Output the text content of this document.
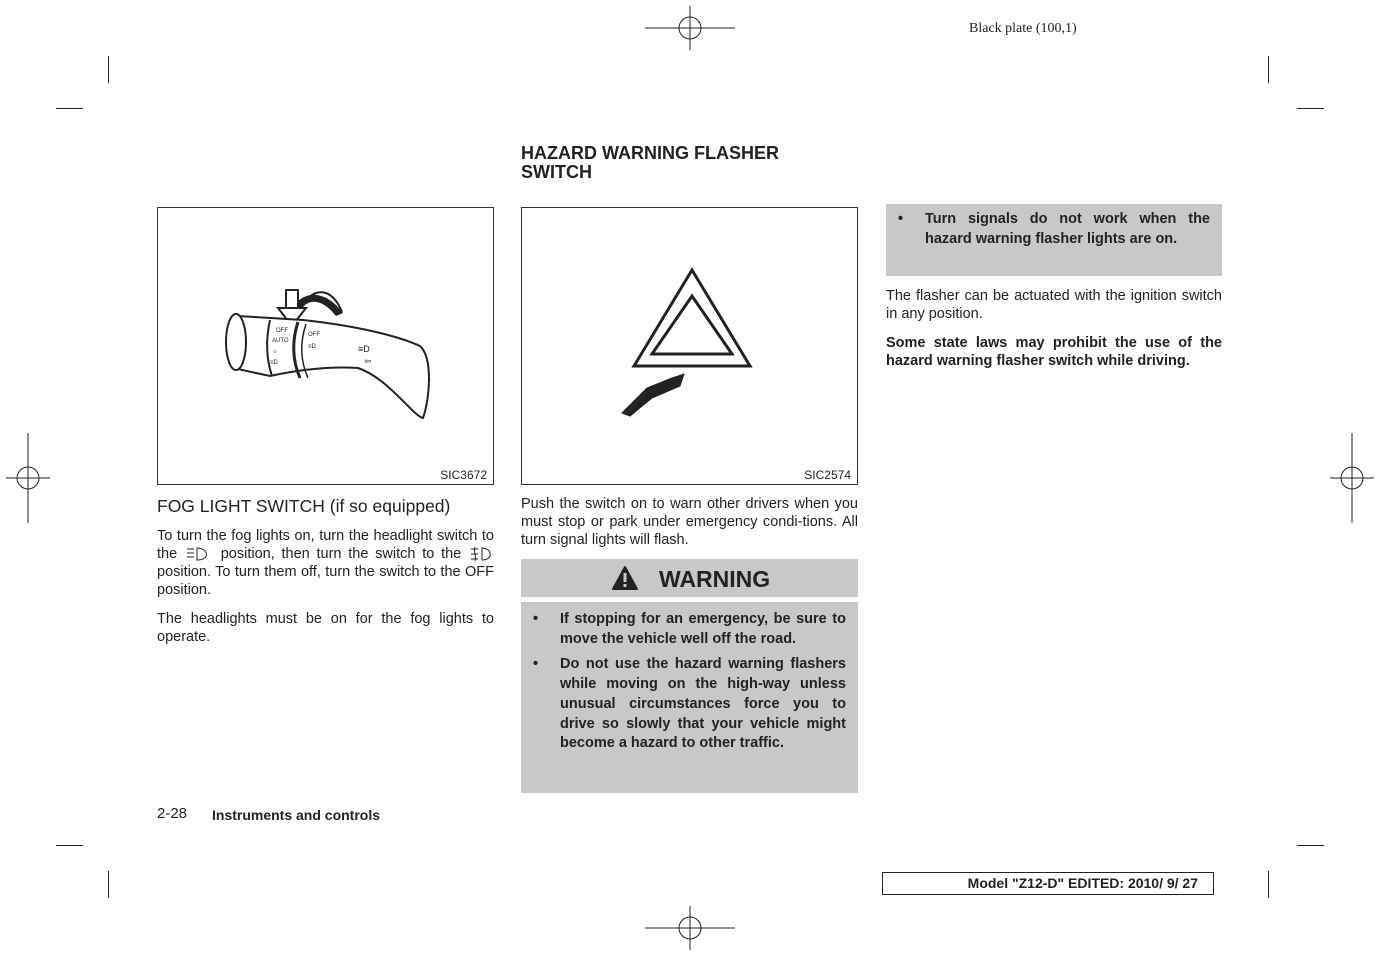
Black plate (100,1)
HAZARD WARNING FLASHER
SWITCH
OFF
AUTO
OFF
☼
≡D
≡D	≡D
⇦
SIC3672	SIC2574
FOG LIGHT SWITCH (if so equipped)

To turn the fog lights on, turn the headlight switch to the	position, then turn the switch to the  position. To turn them off, turn the switch to the OFF position.

The headlights must be on for the fog lights to operate.

Push the switch on to warn other drivers when you must stop or park under emergency condi-tions. All turn signal lights will flash.
WARNING
• If stopping for an emergency, be sure to move the vehicle well off the road.
• Do not use the hazard warning flashers while moving on the high-way unless unusual circumstances force you to drive so slowly that your vehicle might become a hazard to other traffic.
• Turn signals do not work when the hazard warning flasher lights are on.

The flasher can be actuated with the ignition switch in any position.

Some state laws may prohibit the use of the hazard warning flasher switch while driving.

2-28 Instruments and controls
Model "Z12-D" EDITED: 2010/ 9/ 27
